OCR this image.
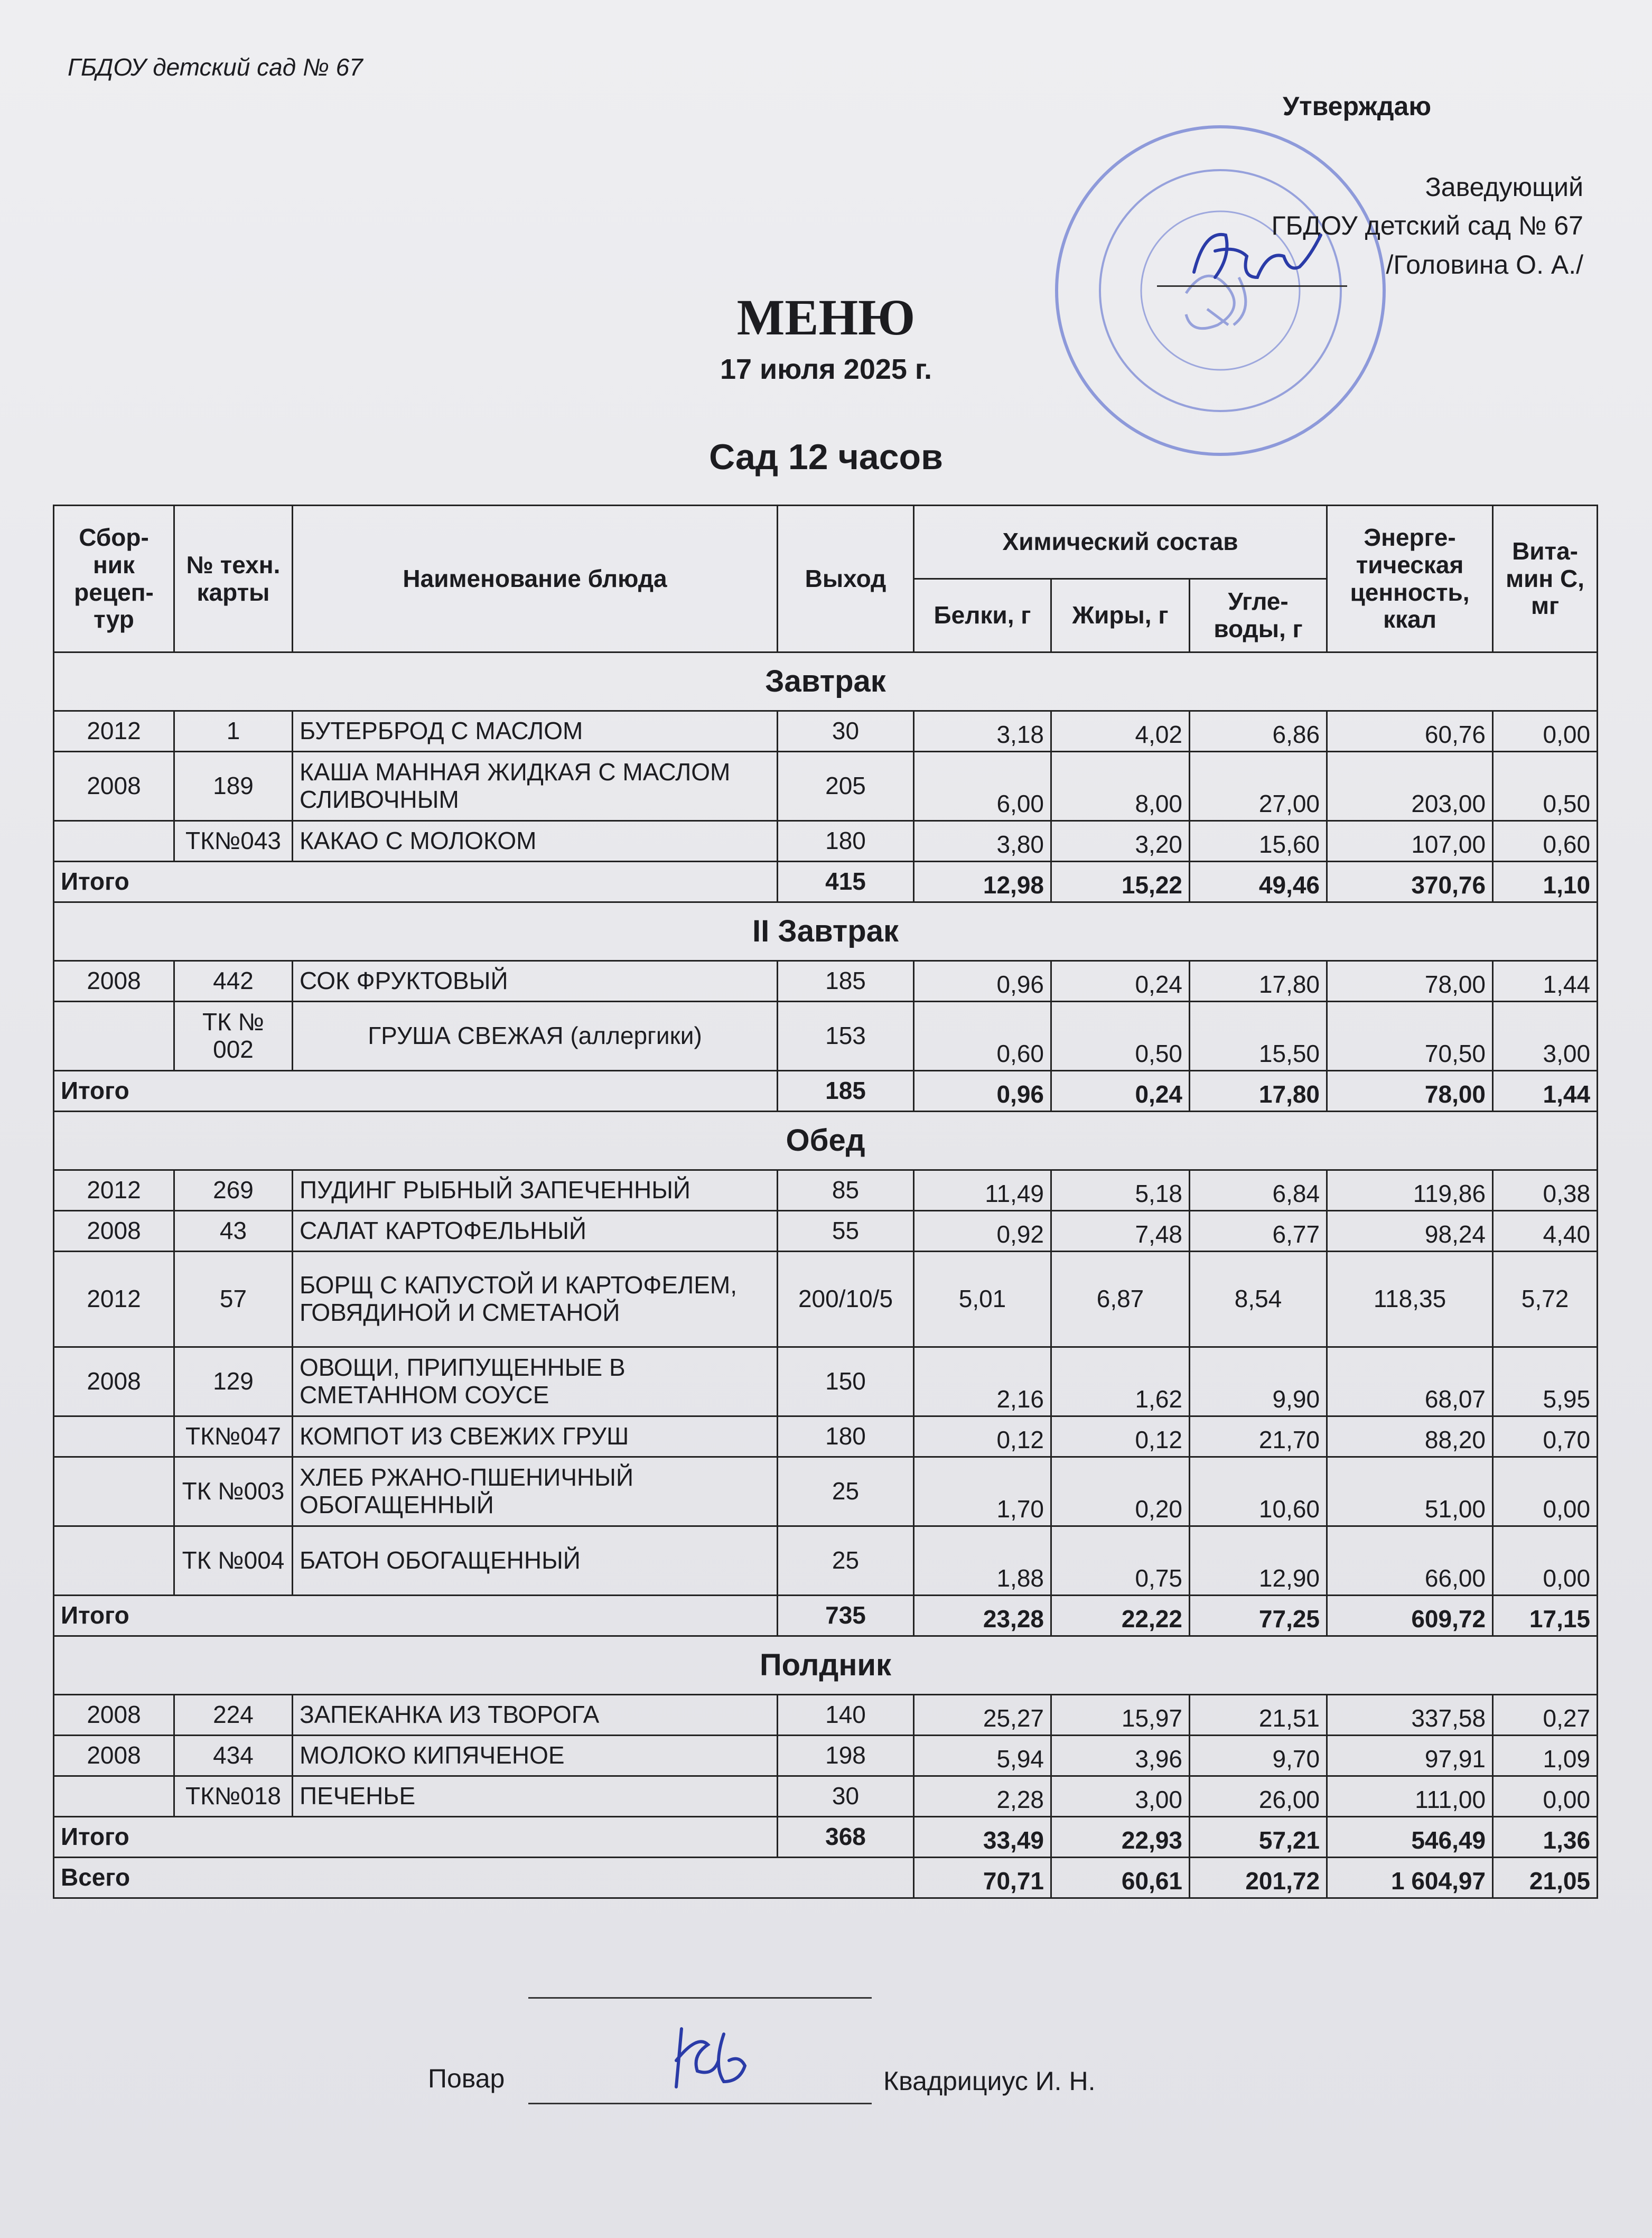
ГБДОУ детский сад № 67
Утверждаю
Заведующий
ГБДОУ детский сад № 67
/Головина О. А./
МЕНЮ
17 июля 2025 г.
Сад 12 часов
Сбор-ник рецеп-тур	№ техн. карты	Наименование блюда	Выход	Химический состав			Энерге-тическая ценность, ккал	Вита-мин С, мг
				Белки, г	Жиры, г	Угле-воды, г		
Завтрак								
2012	1	БУТЕРБРОД С МАСЛОМ	30	3,18	4,02	6,86	60,76	0,00
2008	189	КАША МАННАЯ ЖИДКАЯ С МАСЛОМ СЛИВОЧНЫМ	205	6,00	8,00	27,00	203,00	0,50
	ТК№043	КАКАО С МОЛОКОМ	180	3,80	3,20	15,60	107,00	0,60
Итого			415	12,98	15,22	49,46	370,76	1,10
II Завтрак								
2008	442	СОК ФРУКТОВЫЙ	185	0,96	0,24	17,80	78,00	1,44
	ТК № 002	ГРУША СВЕЖАЯ (аллергики)	153	0,60	0,50	15,50	70,50	3,00
Итого			185	0,96	0,24	17,80	78,00	1,44
Обед								
2012	269	ПУДИНГ РЫБНЫЙ ЗАПЕЧЕННЫЙ	85	11,49	5,18	6,84	119,86	0,38
2008	43	САЛАТ КАРТОФЕЛЬНЫЙ	55	0,92	7,48	6,77	98,24	4,40
2012	57	БОРЩ С КАПУСТОЙ И КАРТОФЕЛЕМ, ГОВЯДИНОЙ И СМЕТАНОЙ	200/10/5	5,01	6,87	8,54	118,35	5,72
2008	129	ОВОЩИ, ПРИПУЩЕННЫЕ В СМЕТАННОМ СОУСЕ	150	2,16	1,62	9,90	68,07	5,95
	ТК№047	КОМПОТ ИЗ СВЕЖИХ ГРУШ	180	0,12	0,12	21,70	88,20	0,70
	ТК №003	ХЛЕБ РЖАНО-ПШЕНИЧНЫЙ ОБОГАЩЕННЫЙ	25	1,70	0,20	10,60	51,00	0,00
	ТК №004	БАТОН ОБОГАЩЕННЫЙ	25	1,88	0,75	12,90	66,00	0,00
Итого			735	23,28	22,22	77,25	609,72	17,15
Полдник								
2008	224	ЗАПЕКАНКА ИЗ ТВОРОГА	140	25,27	15,97	21,51	337,58	0,27
2008	434	МОЛОКО КИПЯЧЕНОЕ	198	5,94	3,96	9,70	97,91	1,09
	ТК№018	ПЕЧЕНЬЕ	30	2,28	3,00	26,00	111,00	0,00
Итого			368	33,49	22,93	57,21	546,49	1,36
Всего				70,71	60,61	201,72	1 604,97	21,05
Повар	Квадрициус И. Н.
